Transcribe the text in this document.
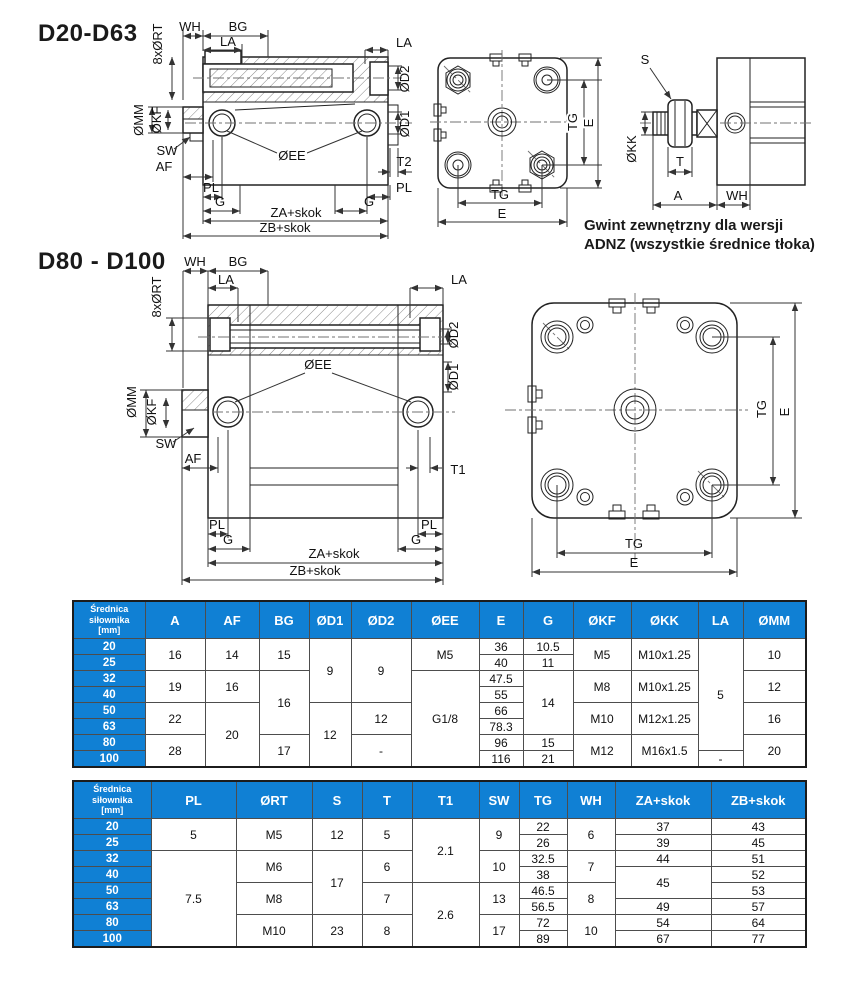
D20-D63
D80 - D100
Gwint zewnętrzny dla wersji
ADNZ (wszystkie średnice tłoka)
ØEE
WH BG
LA
8xØRT	LA
ØD2
ØD1
ØMM ØKF
SW
AF	T2
PL	PL
G	G
ZA+skok
ZB+skok
TG E
TG
E
S
ØKK	T
A	WH
ØEE
WH BG
LA	LA
8xØRT
ØD2
ØD1
ØMM ØKF
SW
AF
T1
PL	PL
G	G
ZA+skok
ZB+skok
TG E
TG
E
Średnica
siłownika
[mm]	A	AF	BG	ØD1	ØD2	ØEE	E	G	ØKF	ØKK	LA	ØMM
20	16	14	15	9	9	M5	36	10.5	M5	M10x1.25	5	10
25							40	11				
32	19	16	16			G1/8	47.5	14	M8	M10x1.25		12
40							55					
50	22	20		12	12		66		M10	M12x1.25		16
63							78.3					
80	28		17		-		96	15	M12	M16x1.5		20
100							116	21			-	
Średnica
siłownika
[mm]	PL	ØRT	S	T	T1	SW	TG	WH	ZA+skok	ZB+skok
20	5	M5	12	5	2.1	9	22	6	37	43
25							26		39	45
32	7.5	M6	17	6		10	32.5	7	44	51
40							38		45	52
50		M8		7	2.6	13	46.5	8		53
63							56.5		49	57
80		M10	23	8		17	72	10	54	64
100							89		67	77
